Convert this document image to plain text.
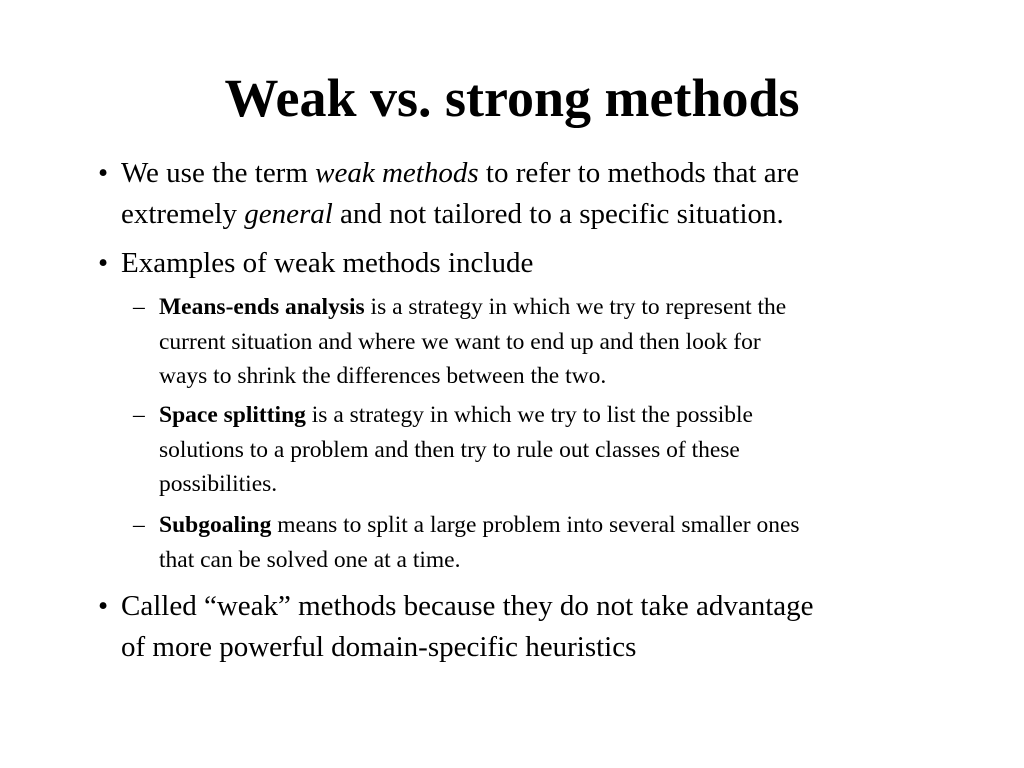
Weak vs. strong methods
• We use the term weak methods to refer to methods that are
extremely general and not tailored to a specific situation.
• Examples of weak methods include
– Means-ends analysis is a strategy in which we try to represent the
current situation and where we want to end up and then look for
ways to shrink the differences between the two.
– Space splitting is a strategy in which we try to list the possible
solutions to a problem and then try to rule out classes of these
possibilities.
– Subgoaling means to split a large problem into several smaller ones
that can be solved one at a time.
• Called “weak” methods because they do not take advantage
of more powerful domain-specific heuristics
